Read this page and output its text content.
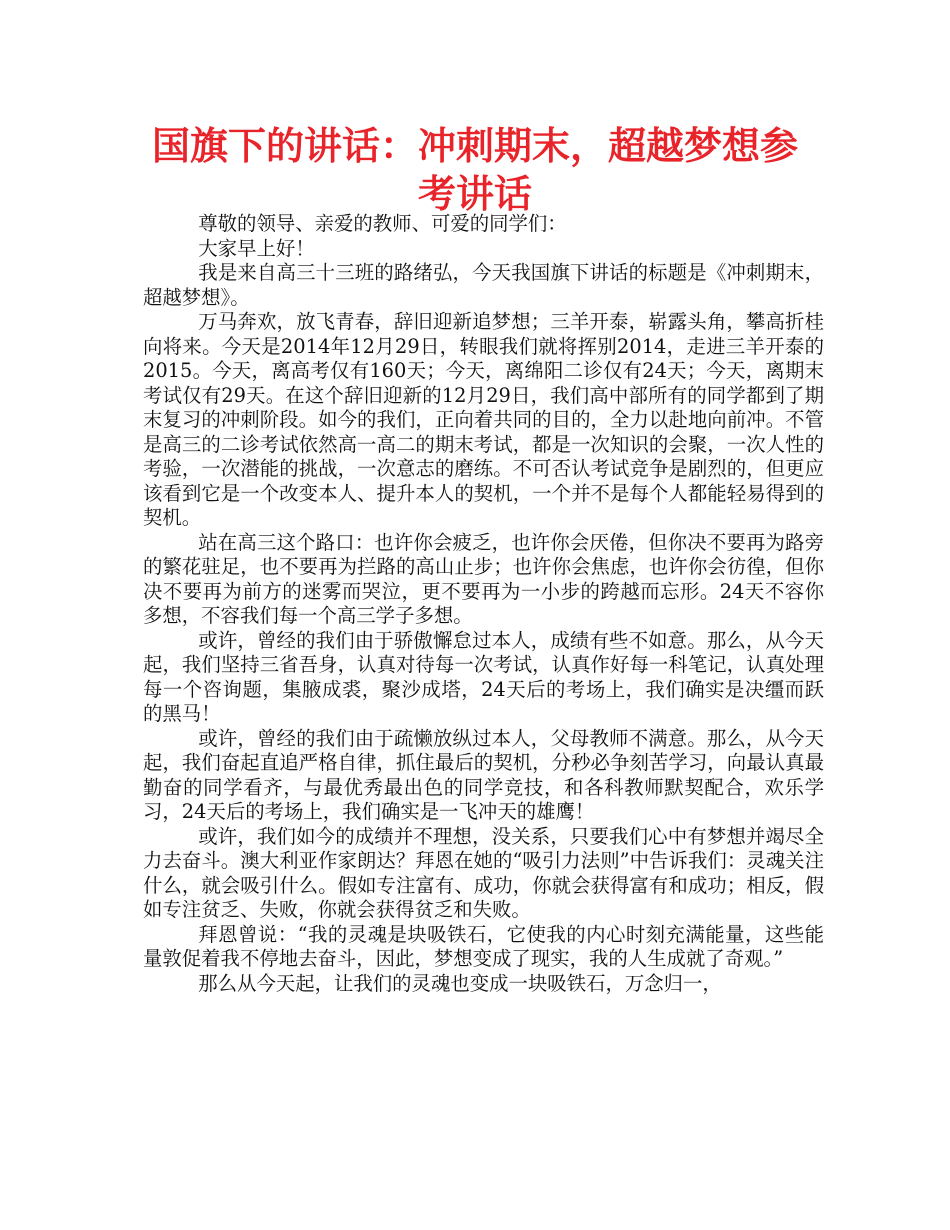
国旗下的讲话：冲刺期末，超越梦想参考讲话

尊敬的领导、亲爱的教师、可爱的同学们：

大家早上好！

我是来自高三十三班的路绪弘，今天我国旗下讲话的标题是《冲刺期末，超越梦想》。

万马奔欢，放飞青春，辞旧迎新追梦想；三羊开泰，崭露头角，攀高折桂向将来。今天是2014年12月29日，转眼我们就将挥别2014，走进三羊开泰的2015。今天，离高考仅有160天；今天，离绵阳二诊仅有24天；今天，离期末考试仅有29天。在这个辞旧迎新的12月29日，我们高中部所有的同学都到了期末复习的冲刺阶段。如今的我们，正向着共同的目的，全力以赴地向前冲。不管是高三的二诊考试依然高一高二的期末考试，都是一次知识的会聚，一次人性的考验，一次潜能的挑战，一次意志的磨练。不可否认考试竞争是剧烈的，但更应该看到它是一个改变本人、提升本人的契机，一个并不是每个人都能轻易得到的契机。

站在高三这个路口：也许你会疲乏，也许你会厌倦，但你决不要再为路旁的繁花驻足，也不要再为拦路的高山止步；也许你会焦虑，也许你会彷徨，但你决不要再为前方的迷雾而哭泣，更不要再为一小步的跨越而忘形。24天不容你多想，不容我们每一个高三学子多想。

或许，曾经的我们由于骄傲懈怠过本人，成绩有些不如意。那么，从今天起，我们坚持三省吾身，认真对待每一次考试，认真作好每一科笔记，认真处理每一个咨询题，集腋成裘，聚沙成塔，24天后的考场上，我们确实是决缰而跃的黑马！

或许，曾经的我们由于疏懒放纵过本人，父母教师不满意。那么，从今天起，我们奋起直追严格自律，抓住最后的契机，分秒必争刻苦学习，向最认真最勤奋的同学看齐，与最优秀最出色的同学竞技，和各科教师默契配合，欢乐学习，24天后的考场上，我们确实是一飞冲天的雄鹰！

或许，我们如今的成绩并不理想，没关系，只要我们心中有梦想并竭尽全力去奋斗。澳大利亚作家朗达？拜恩在她的“吸引力法则”中告诉我们：灵魂关注什么，就会吸引什么。假如专注富有、成功，你就会获得富有和成功；相反，假如专注贫乏、失败，你就会获得贫乏和失败。

拜恩曾说：“我的灵魂是块吸铁石，它使我的内心时刻充满能量，这些能量敦促着我不停地去奋斗，因此，梦想变成了现实，我的人生成就了奇观。”

那么从今天起，让我们的灵魂也变成一块吸铁石，万念归一，
